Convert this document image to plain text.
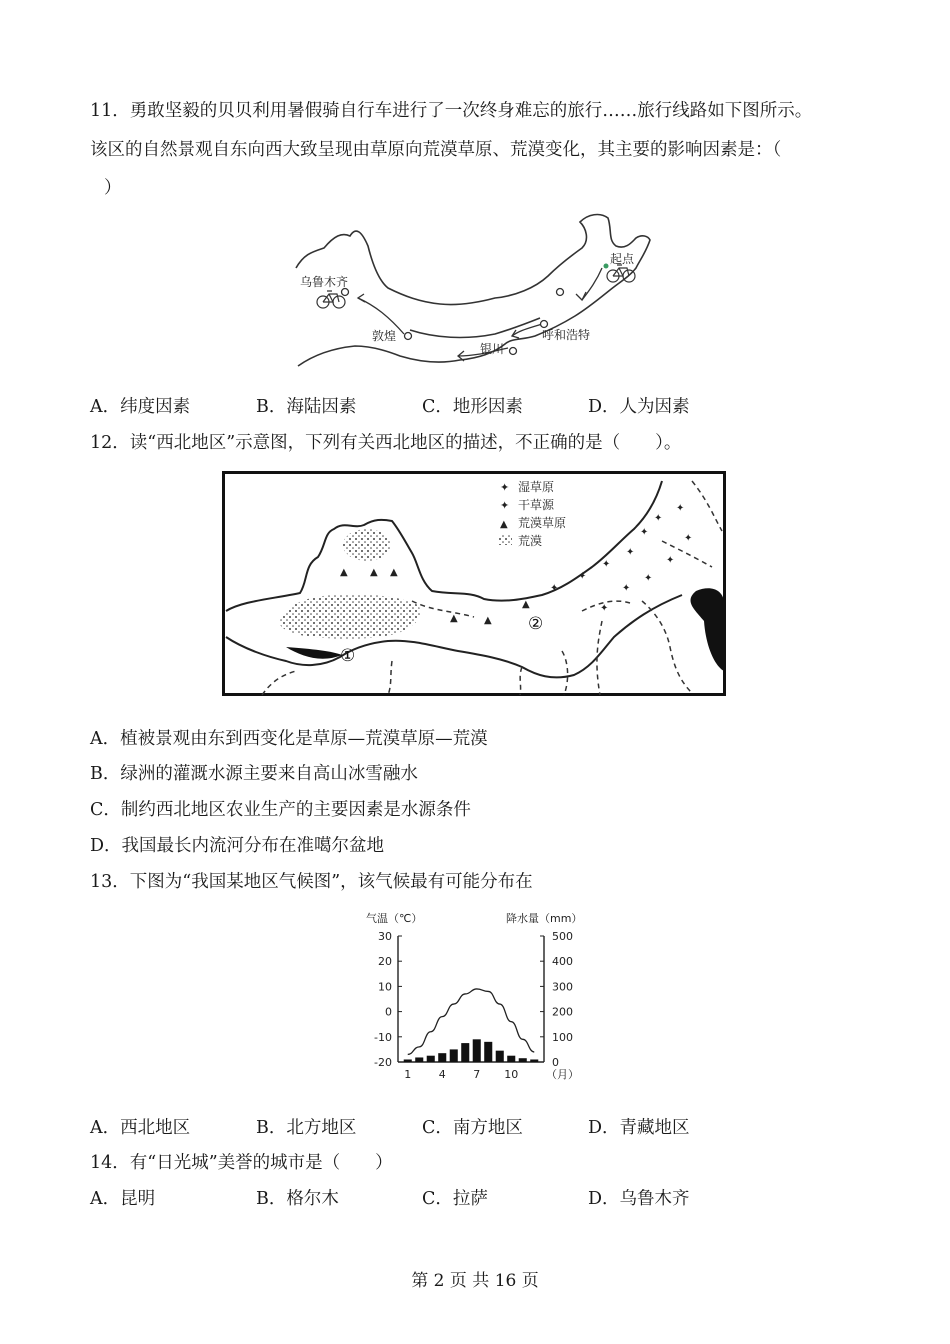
11．勇敢坚毅的贝贝利用暑假骑自行车进行了一次终身难忘的旅行……旅行线路如下图所示。
该区的自然景观自东向西大致呈现由草原向荒漠草原、荒漠变化，其主要的影响因素是：（
）
起点
乌鲁木齐
敦煌
银川
呼和浩特
A．纬度因素	B．海陆因素	C．地形因素	D．人为因素
12．读“西北地区”示意图，下列有关西北地区的描述，不正确的是（　　）。
▲ ▲ ▲
▲	▲
▲
✦
✦
✦
✦
✦
✦
✦
✦
✦
✦
✦
✦
✦ 湿草原
✦ 干草源
▲ 荒漠草原
荒漠
①
②
A．植被景观由东到西变化是草原—荒漠草原—荒漠
B．绿洲的灌溉水源主要来自高山冰雪融水
C．制约西北地区农业生产的主要因素是水源条件
D．我国最长内流河分布在准噶尔盆地
13．下图为“我国某地区气候图”，该气候最有可能分布在
气温（℃）	降水量（mm）
30
20
10
0
-10
-20
500
400
300
200
100
0
1	4	7 10	（月）
A．西北地区	B．北方地区	C．南方地区	D．青藏地区
14．有“日光城”美誉的城市是（　　）
A．昆明	B．格尔木	C．拉萨	D．乌鲁木齐
第 2 页 共 16 页
